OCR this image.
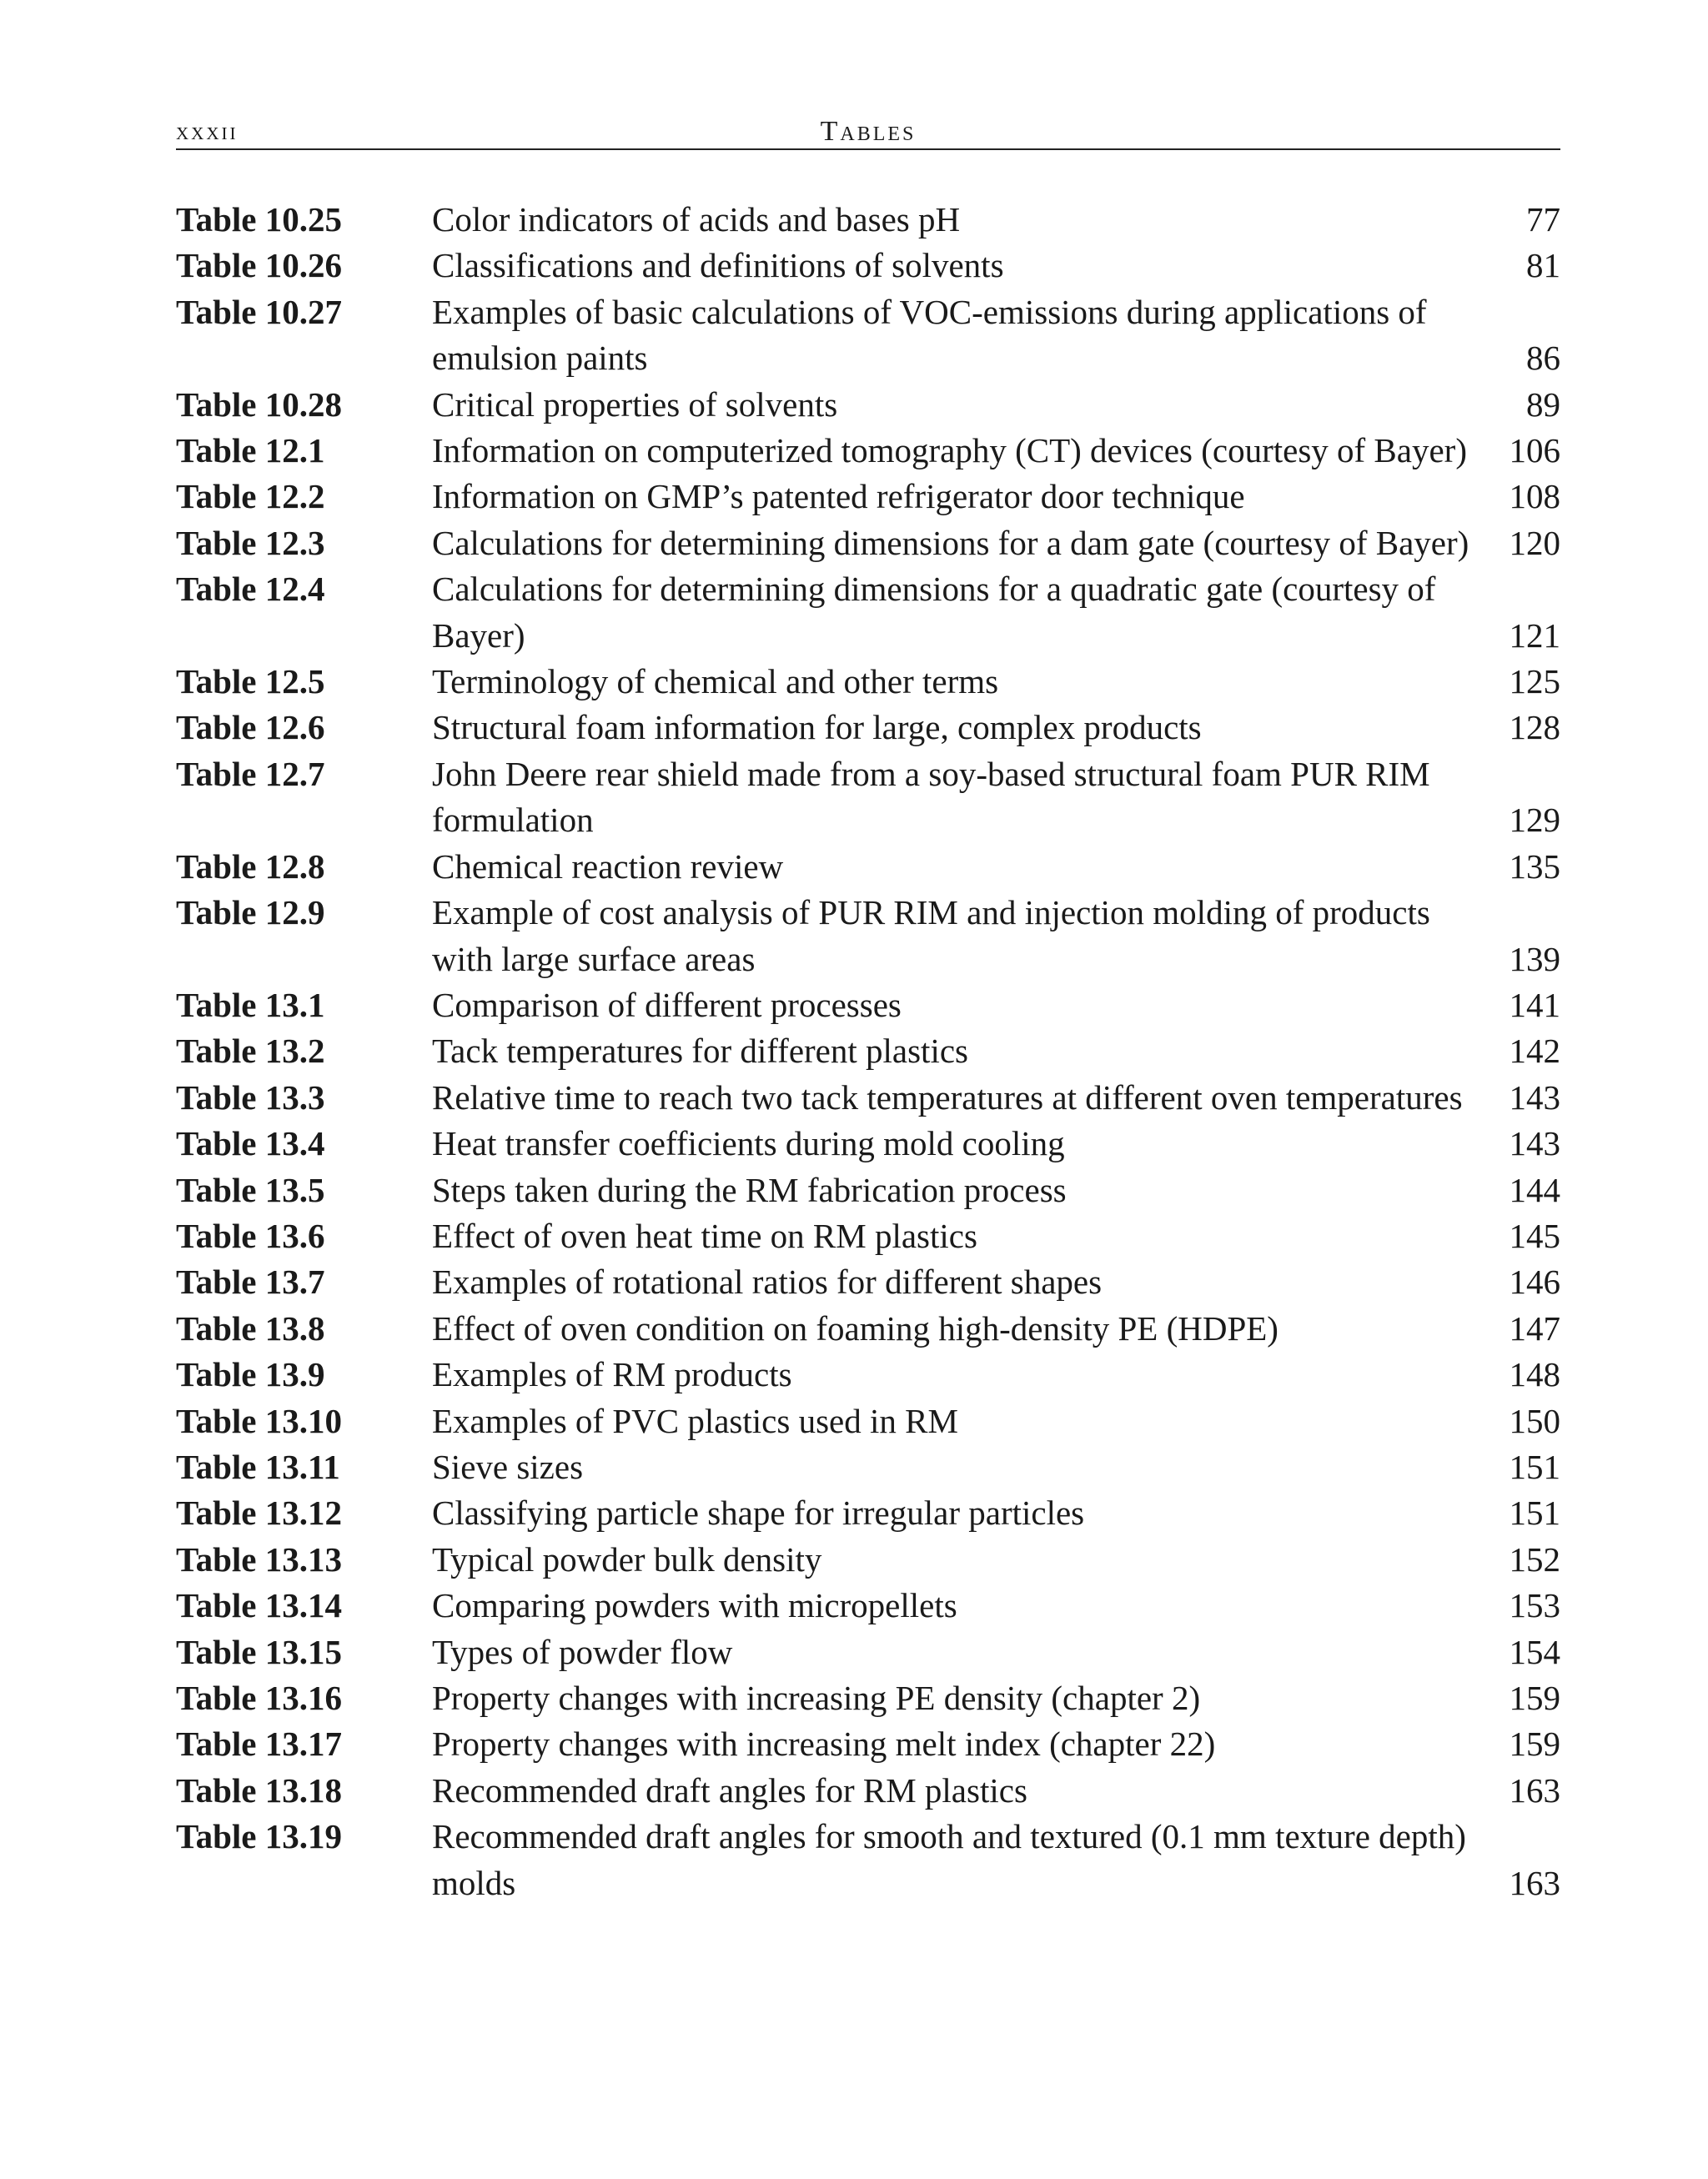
xxxii	Tables
Table 10.25	Color indicators of acids and bases pH	77
Table 10.26	Classifications and definitions of solvents	81
Table 10.27	Examples of basic calculations of VOC-emissions during applications of emulsion paints	86
Table 10.28	Critical properties of solvents	89
Table 12.1	Information on computerized tomography (CT) devices (courtesy of Bayer)	106
Table 12.2	Information on GMP’s patented refrigerator door technique	108
Table 12.3	Calculations for determining dimensions for a dam gate (courtesy of Bayer)	120
Table 12.4	Calculations for determining dimensions for a quadratic gate (courtesy of Bayer)	121
Table 12.5	Terminology of chemical and other terms	125
Table 12.6	Structural foam information for large, complex products	128
Table 12.7	John Deere rear shield made from a soy-based structural foam PUR RIM formulation	129
Table 12.8	Chemical reaction review	135
Table 12.9	Example of cost analysis of PUR RIM and injection molding of products with large surface areas	139
Table 13.1	Comparison of different processes	141
Table 13.2	Tack temperatures for different plastics	142
Table 13.3	Relative time to reach two tack temperatures at different oven temperatures	143
Table 13.4	Heat transfer coefficients during mold cooling	143
Table 13.5	Steps taken during the RM fabrication process	144
Table 13.6	Effect of oven heat time on RM plastics	145
Table 13.7	Examples of rotational ratios for different shapes	146
Table 13.8	Effect of oven condition on foaming high-density PE (HDPE)	147
Table 13.9	Examples of RM products	148
Table 13.10	Examples of PVC plastics used in RM	150
Table 13.11	Sieve sizes	151
Table 13.12	Classifying particle shape for irregular particles	151
Table 13.13	Typical powder bulk density	152
Table 13.14	Comparing powders with micropellets	153
Table 13.15	Types of powder flow	154
Table 13.16	Property changes with increasing PE density (chapter 2)	159
Table 13.17	Property changes with increasing melt index (chapter 22)	159
Table 13.18	Recommended draft angles for RM plastics	163
Table 13.19	Recommended draft angles for smooth and textured (0.1 mm texture depth) molds	163
